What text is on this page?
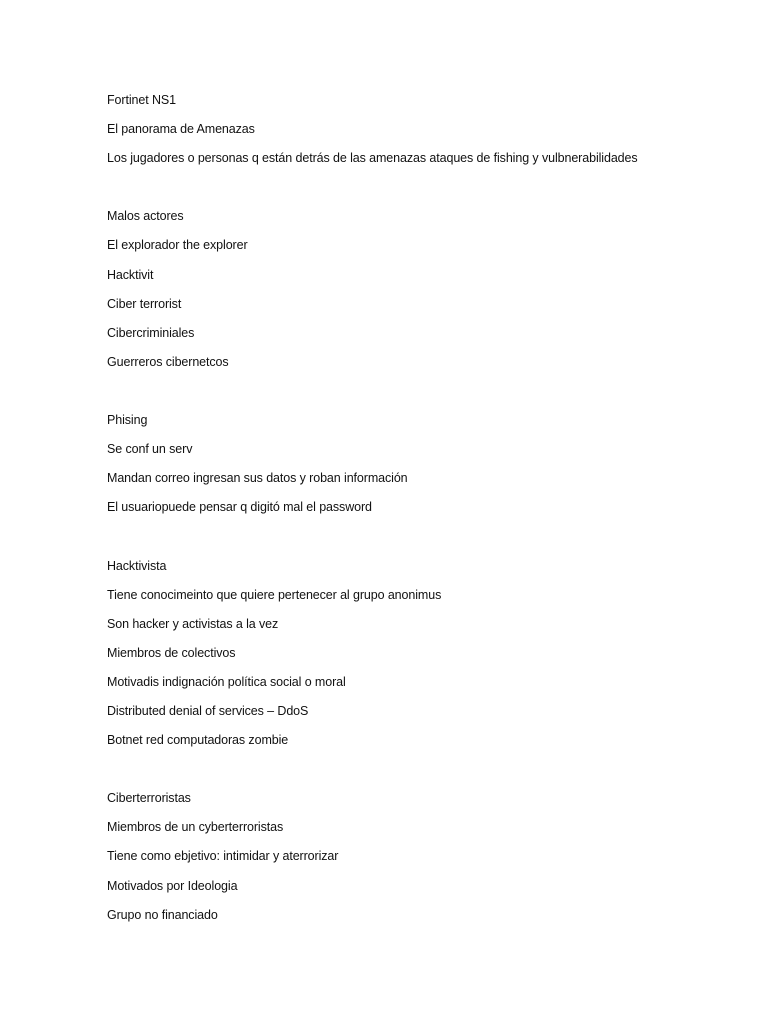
Fortinet NS1
El panorama de Amenazas
Los jugadores o personas q están detrás de las amenazas ataques de fishing y vulbnerabilidades
Malos actores
El explorador the explorer
Hacktivit
Ciber terrorist
Cibercriminiales
Guerreros cibernetcos
Phising
Se conf un serv
Mandan correo ingresan sus datos y roban información
El usuariopuede pensar q digitó mal el password
Hacktivista
Tiene conocimeinto que quiere pertenecer al grupo anonimus
Son hacker y activistas a la vez
Miembros de colectivos
Motivadis indignación política social o moral
Distributed denial of services – DdoS
Botnet red computadoras zombie
Ciberterroristas
Miembros de un cyberterroristas
Tiene como ebjetivo: intimidar y aterrorizar
Motivados por Ideologia
Grupo no financiado
